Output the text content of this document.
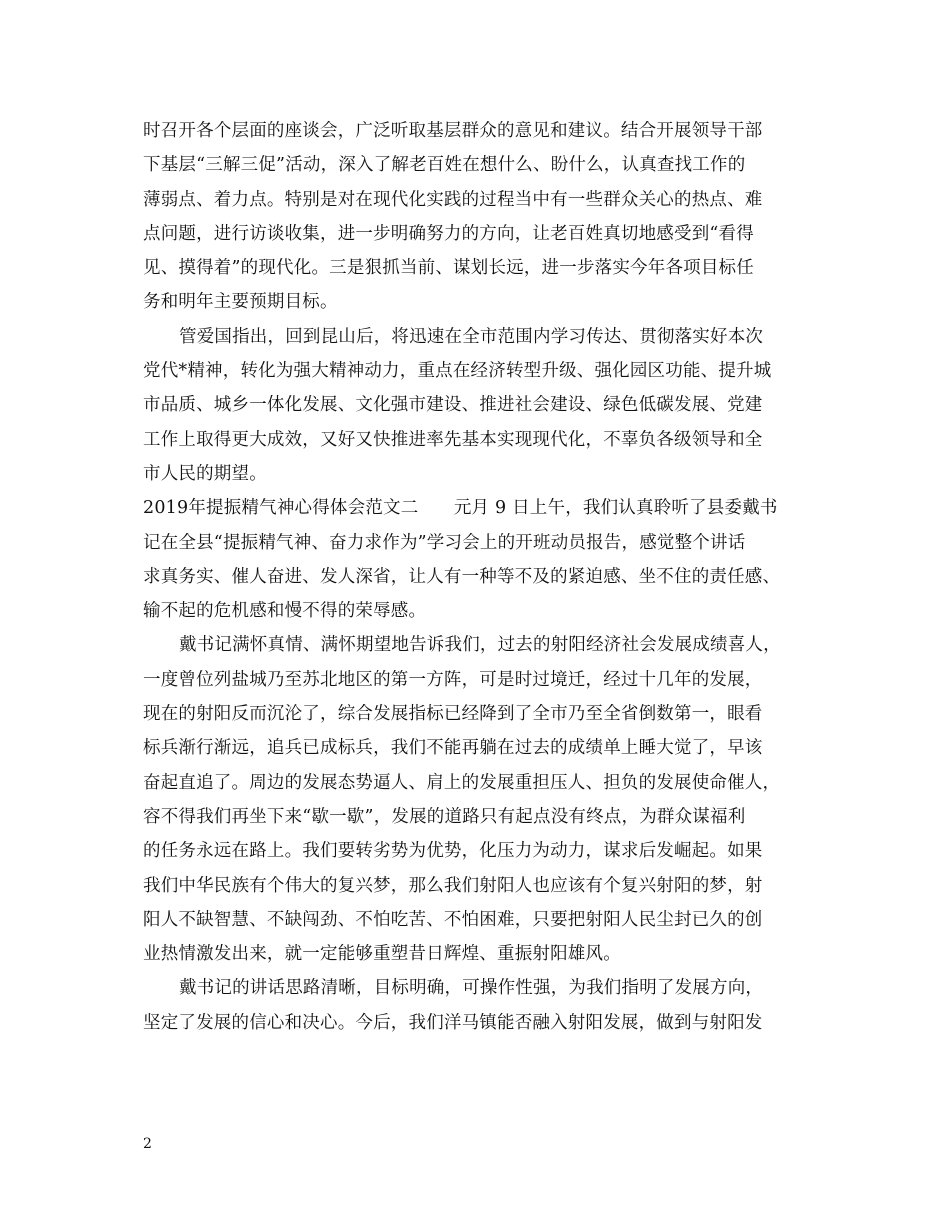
时召开各个层面的座谈会，广泛听取基层群众的意见和建议。结合开展领导干部
下基层“三解三促”活动，深入了解老百姓在想什么、盼什么，认真查找工作的
薄弱点、着力点。特别是对在现代化实践的过程当中有一些群众关心的热点、难
点问题，进行访谈收集，进一步明确努力的方向，让老百姓真切地感受到“看得
见、摸得着”的现代化。三是狠抓当前、谋划长远，进一步落实今年各项目标任
务和明年主要预期目标。
管爱国指出，回到昆山后，将迅速在全市范围内学习传达、贯彻落实好本次
党代*精神，转化为强大精神动力，重点在经济转型升级、强化园区功能、提升城
市品质、城乡一体化发展、文化强市建设、推进社会建设、绿色低碳发展、党建
工作上取得更大成效，又好又快推进率先基本实现现代化，不辜负各级领导和全
市人民的期望。
2019年提振精气神心得体会范文二　　元月 9 日上午，我们认真聆听了县委戴书
记在全县“提振精气神、奋力求作为”学习会上的开班动员报告，感觉整个讲话
求真务实、催人奋进、发人深省，让人有一种等不及的紧迫感、坐不住的责任感、
输不起的危机感和慢不得的荣辱感。
戴书记满怀真情、满怀期望地告诉我们，过去的射阳经济社会发展成绩喜人，
一度曾位列盐城乃至苏北地区的第一方阵，可是时过境迁，经过十几年的发展，
现在的射阳反而沉沦了，综合发展指标已经降到了全市乃至全省倒数第一，眼看
标兵渐行渐远，追兵已成标兵，我们不能再躺在过去的成绩单上睡大觉了，早该
奋起直追了。周边的发展态势逼人、肩上的发展重担压人、担负的发展使命催人，
容不得我们再坐下来“歇一歇”，发展的道路只有起点没有终点，为群众谋福利
的任务永远在路上。我们要转劣势为优势，化压力为动力，谋求后发崛起。如果
我们中华民族有个伟大的复兴梦，那么我们射阳人也应该有个复兴射阳的梦，射
阳人不缺智慧、不缺闯劲、不怕吃苦、不怕困难，只要把射阳人民尘封已久的创
业热情激发出来，就一定能够重塑昔日辉煌、重振射阳雄风。
戴书记的讲话思路清晰，目标明确，可操作性强，为我们指明了发展方向，
坚定了发展的信心和决心。今后，我们洋马镇能否融入射阳发展，做到与射阳发
2
